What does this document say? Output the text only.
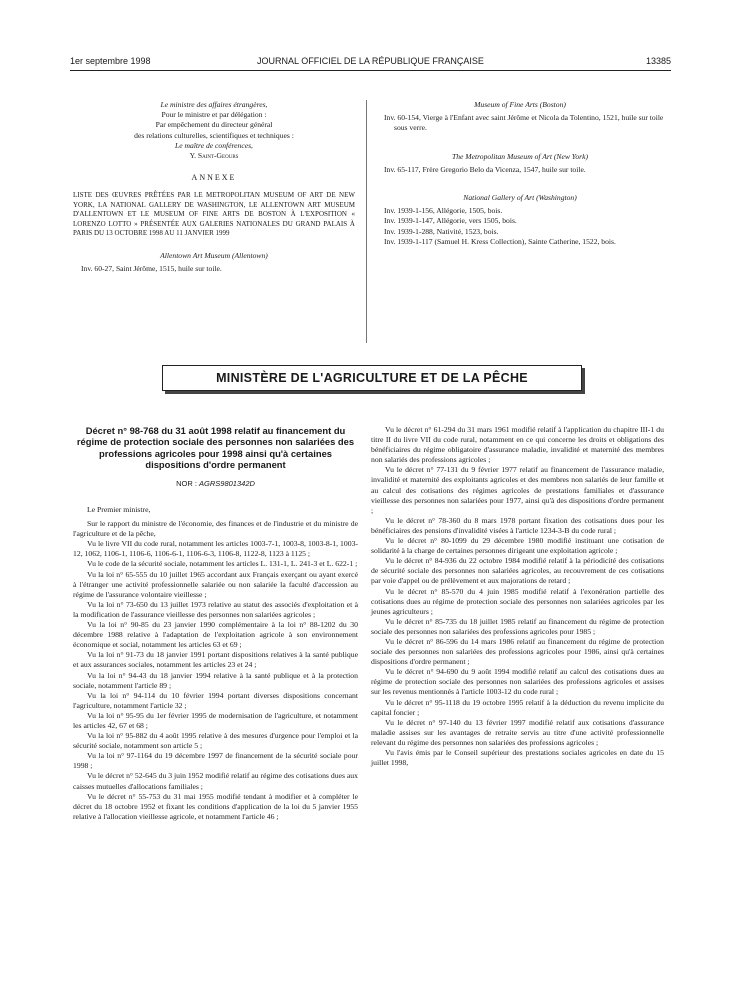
1er septembre 1998	JOURNAL OFFICIEL DE LA RÉPUBLIQUE FRANÇAISE	13385
Le ministre des affaires étrangères,
Pour le ministre et par délégation :
Par empêchement du directeur général
des relations culturelles, scientifiques et techniques :
Le maître de conférences,
Y. Saint-Geours
ANNEXE

LISTE DES ŒUVRES PRÊTÉES PAR LE METROPOLITAN MUSEUM OF ART DE NEW YORK, LA NATIONAL GALLERY DE WASHINGTON, LE ALLENTOWN ART MUSEUM D'ALLENTOWN ET LE MUSEUM OF FINE ARTS DE BOSTON À L'EXPOSITION « LORENZO LOTTO » PRÉSENTÉE AUX GALERIES NATIONALES DU GRAND PALAIS À PARIS DU 13 OCTOBRE 1998 AU 11 JANVIER 1999

Allentown Art Museum (Allentown)
Inv. 60-27, Saint Jérôme, 1515, huile sur toile.
Museum of Fine Arts (Boston)
Inv. 60-154, Vierge à l'Enfant avec saint Jérôme et Nicola da Tolentino, 1521, huile sur toile sous verre.
The Metropolitan Museum of Art (New York)
Inv. 65-117, Frère Gregorio Belo da Vicenza, 1547, huile sur toile.
National Gallery of Art (Washington)
Inv. 1939-1-156, Allégorie, 1505, bois.
Inv. 1939-1-147, Allégorie, vers 1505, bois.
Inv. 1939-1-288, Nativité, 1523, bois.
Inv. 1939-1-117 (Samuel H. Kress Collection), Sainte Catherine, 1522, bois.
MINISTÈRE DE L'AGRICULTURE ET DE LA PÊCHE
Décret n° 98-768 du 31 août 1998 relatif au financement du régime de protection sociale des personnes non salariées des professions agricoles pour 1998 ainsi qu'à certaines dispositions d'ordre permanent
NOR : AGRS9801342D

Le Premier ministre,

Sur le rapport du ministre de l'économie, des finances et de l'industrie et du ministre de l'agriculture et de la pêche,

Vu le livre VII du code rural, notamment les articles 1003-7-1, 1003-8, 1003-8-1, 1003-12, 1062, 1106-1, 1106-6, 1106-6-1, 1106-6-3, 1106-8, 1122-8, 1123 à 1125 ;

Vu le code de la sécurité sociale, notamment les articles L. 131-1, L. 241-3 et L. 622-1 ;

Vu la loi n° 65-555 du 10 juillet 1965 accordant aux Français exerçant ou ayant exercé à l'étranger une activité professionnelle salariée ou non salariée la faculté d'accession au régime de l'assurance volontaire vieillesse ;

Vu la loi n° 73-650 du 13 juillet 1973 relative au statut des associés d'exploitation et à la modification de l'assurance vieillesse des personnes non salariées agricoles ;

Vu la loi n° 90-85 du 23 janvier 1990 complémentaire à la loi n° 88-1202 du 30 décembre 1988 relative à l'adaptation de l'exploitation agricole à son environnement économique et social, notamment les articles 63 et 69 ;

Vu la loi n° 91-73 du 18 janvier 1991 portant dispositions relatives à la santé publique et aux assurances sociales, notamment les articles 23 et 24 ;

Vu la loi n° 94-43 du 18 janvier 1994 relative à la santé publique et à la protection sociale, notamment l'article 89 ;

Vu la loi n° 94-114 du 10 février 1994 portant diverses dispositions concernant l'agriculture, notamment l'article 32 ;

Vu la loi n° 95-95 du 1er février 1995 de modernisation de l'agriculture, et notamment les articles 42, 67 et 68 ;

Vu la loi n° 95-882 du 4 août 1995 relative à des mesures d'urgence pour l'emploi et la sécurité sociale, notamment son article 5 ;

Vu la loi n° 97-1164 du 19 décembre 1997 de financement de la sécurité sociale pour 1998 ;

Vu le décret n° 52-645 du 3 juin 1952 modifié relatif au régime des cotisations dues aux caisses mutuelles d'allocations familiales ;

Vu le décret n° 55-753 du 31 mai 1955 modifié tendant à modifier et à compléter le décret du 18 octobre 1952 et fixant les conditions d'application de la loi du 5 janvier 1955 relative à l'allocation vieillesse agricole, et notamment l'article 46 ;

Vu le décret n° 61-294 du 31 mars 1961 modifié relatif à l'application du chapitre III-1 du titre II du livre VII du code rural, notamment en ce qui concerne les droits et obligations des bénéficiaires du régime obligatoire d'assurance maladie, invalidité et maternité des membres non salariés des professions agricoles ;

Vu le décret n° 77-131 du 9 février 1977 relatif au financement de l'assurance maladie, invalidité et maternité des exploitants agricoles et des membres non salariés de leur famille et au calcul des cotisations des régimes agricoles de prestations familiales et d'assurance vieillesse des personnes non salariées pour 1977, ainsi qu'à des dispositions d'ordre permanent ;

Vu le décret n° 78-360 du 8 mars 1978 portant fixation des cotisations dues pour les bénéficiaires des pensions d'invalidité visées à l'article 1234-3-B du code rural ;

Vu le décret n° 80-1099 du 29 décembre 1980 modifié instituant une cotisation de solidarité à la charge de certaines personnes dirigeant une exploitation agricole ;

Vu le décret n° 84-936 du 22 octobre 1984 modifié relatif à la périodicité des cotisations de sécurité sociale des personnes non salariées agricoles, au recouvrement de ces cotisations par voie d'appel ou de prélèvement et aux majorations de retard ;

Vu le décret n° 85-570 du 4 juin 1985 modifié relatif à l'exonération partielle des cotisations dues au régime de protection sociale des personnes non salariées agricoles par les jeunes agriculteurs ;

Vu le décret n° 85-735 du 18 juillet 1985 relatif au financement du régime de protection sociale des personnes non salariées des professions agricoles pour 1985 ;

Vu le décret n° 86-596 du 14 mars 1986 relatif au financement du régime de protection sociale des personnes non salariées des professions agricoles pour 1986, ainsi qu'à certaines dispositions d'ordre permanent ;

Vu le décret n° 94-690 du 9 août 1994 modifié relatif au calcul des cotisations dues au régime de protection sociale des personnes non salariées des professions agricoles et assises sur les revenus mentionnés à l'article 1003-12 du code rural ;

Vu le décret n° 95-1118 du 19 octobre 1995 relatif à la déduction du revenu implicite du capital foncier ;

Vu le décret n° 97-140 du 13 février 1997 modifié relatif aux cotisations d'assurance maladie assises sur les avantages de retraite servis au titre d'une activité professionnelle relevant du régime des personnes non salariées des professions agricoles ;

Vu l'avis émis par le Conseil supérieur des prestations sociales agricoles en date du 15 juillet 1998,
